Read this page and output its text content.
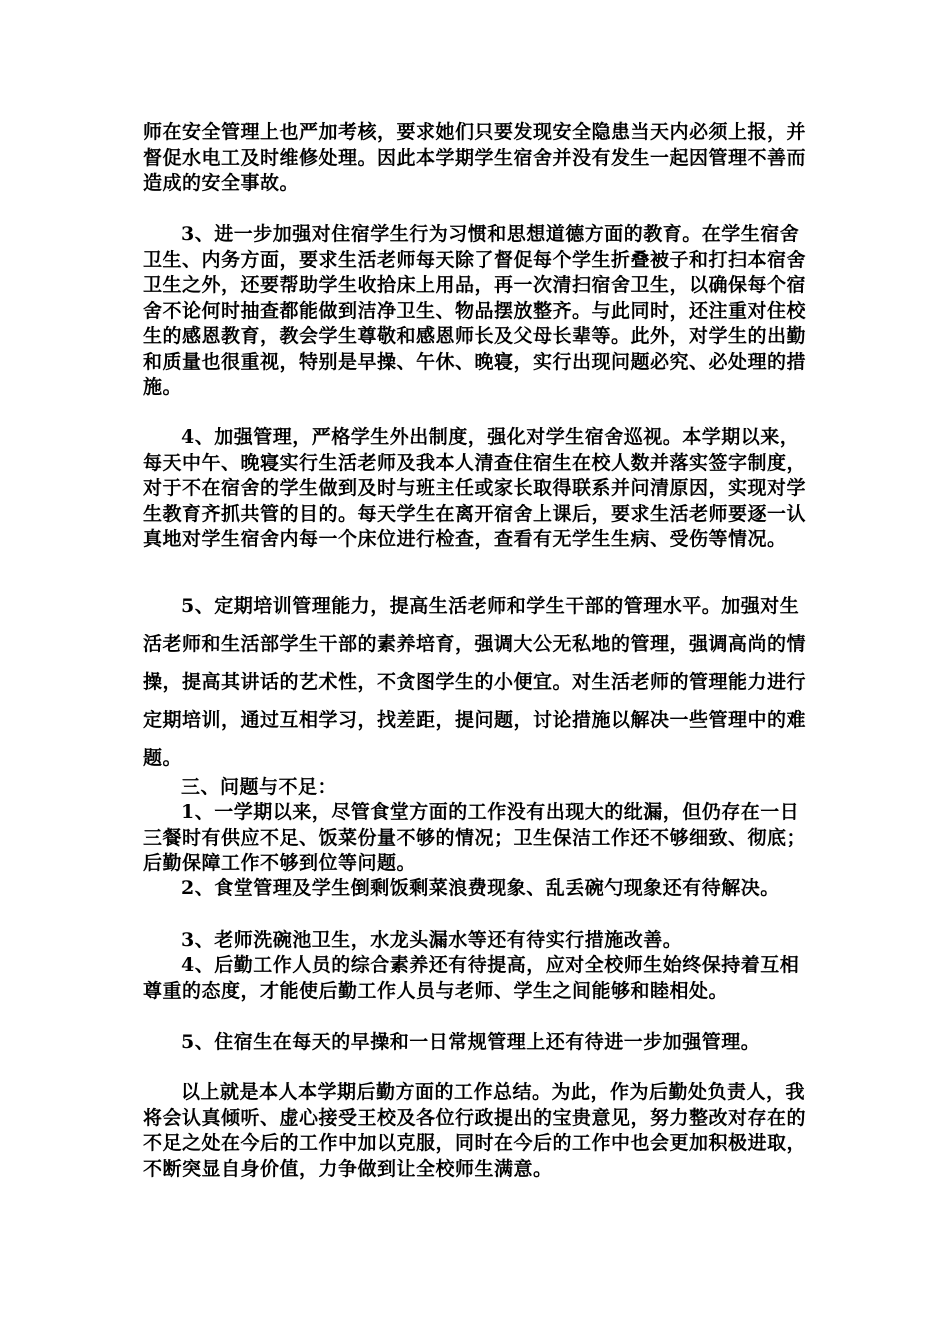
师在安全管理上也严加考核，要求她们只要发现安全隐患当天内必须上报，并督促水电工及时维修处理。因此本学期学生宿舍并没有发生一起因管理不善而造成的安全事故。

3、进一步加强对住宿学生行为习惯和思想道德方面的教育。在学生宿舍卫生、内务方面，要求生活老师每天除了督促每个学生折叠被子和打扫本宿舍卫生之外，还要帮助学生收拾床上用品，再一次清扫宿舍卫生，以确保每个宿舍不论何时抽查都能做到洁净卫生、物品摆放整齐。与此同时，还注重对住校生的感恩教育，教会学生尊敬和感恩师长及父母长辈等。此外，对学生的出勤和质量也很重视，特别是早操、午休、晚寝，实行出现问题必究、必处理的措施。

4、加强管理，严格学生外出制度，强化对学生宿舍巡视。本学期以来，每天中午、晚寝实行生活老师及我本人清查住宿生在校人数并落实签字制度，对于不在宿舍的学生做到及时与班主任或家长取得联系并问清原因，实现对学生教育齐抓共管的目的。每天学生在离开宿舍上课后，要求生活老师要逐一认真地对学生宿舍内每一个床位进行检查，查看有无学生生病、受伤等情况。

5、定期培训管理能力，提高生活老师和学生干部的管理水平。加强对生活老师和生活部学生干部的素养培育，强调大公无私地的管理，强调高尚的情操，提高其讲话的艺术性，不贪图学生的小便宜。对生活老师的管理能力进行定期培训，通过互相学习，找差距，提问题，讨论措施以解决一些管理中的难题。

三、问题与不足：

1、一学期以来，尽管食堂方面的工作没有出现大的纰漏，但仍存在一日三餐时有供应不足、饭菜份量不够的情况；卫生保洁工作还不够细致、彻底；后勤保障工作不够到位等问题。

2、食堂管理及学生倒剩饭剩菜浪费现象、乱丢碗勺现象还有待解决。

3、老师洗碗池卫生，水龙头漏水等还有待实行措施改善。

4、后勤工作人员的综合素养还有待提高，应对全校师生始终保持着互相尊重的态度，才能使后勤工作人员与老师、学生之间能够和睦相处。

5、住宿生在每天的早操和一日常规管理上还有待进一步加强管理。

以上就是本人本学期后勤方面的工作总结。为此，作为后勤处负责人，我将会认真倾听、虚心接受王校及各位行政提出的宝贵意见，努力整改对存在的不足之处在今后的工作中加以克服，同时在今后的工作中也会更加积极进取，不断突显自身价值，力争做到让全校师生满意。
